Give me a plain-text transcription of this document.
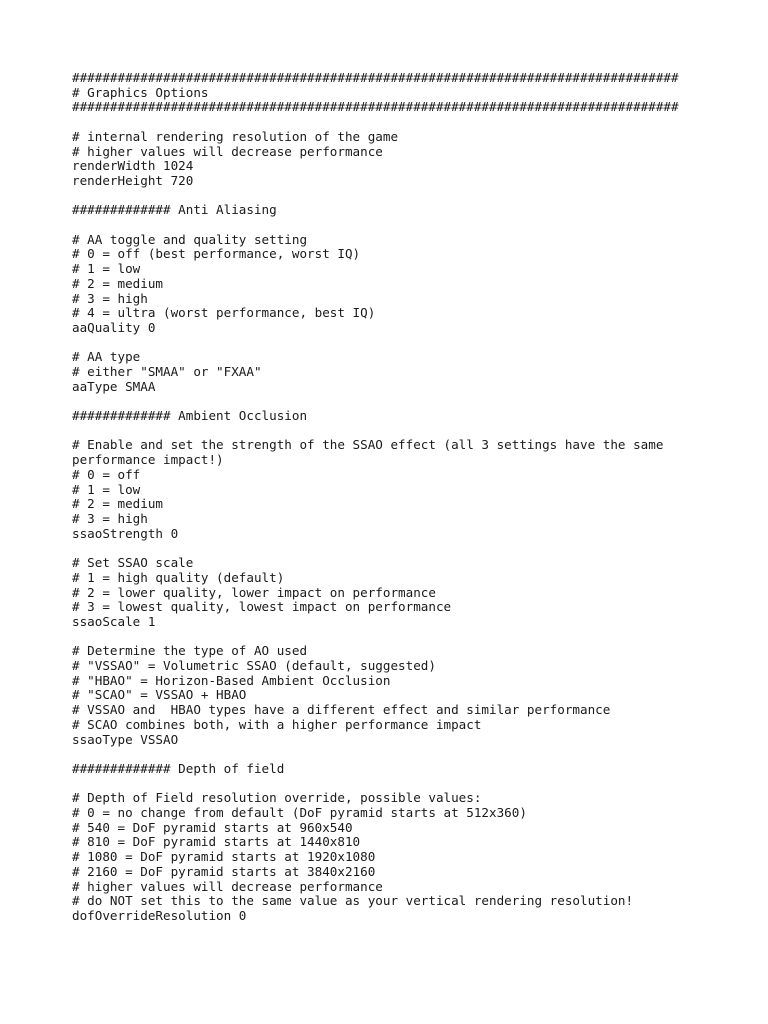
################################################################################
# Graphics Options
################################################################################
# internal rendering resolution of the game
# higher values will decrease performance
renderWidth 1024
renderHeight 720
############# Anti Aliasing
# AA toggle and quality setting
# 0 = off (best performance, worst IQ)
# 1 = low
# 2 = medium
# 3 = high
# 4 = ultra (worst performance, best IQ)
aaQuality 0
# AA type
# either "SMAA" or "FXAA"
aaType SMAA
############# Ambient Occlusion
# Enable and set the strength of the SSAO effect (all 3 settings have the same
performance impact!)
# 0 = off
# 1 = low
# 2 = medium
# 3 = high
ssaoStrength 0
# Set SSAO scale
# 1 = high quality (default)
# 2 = lower quality, lower impact on performance
# 3 = lowest quality, lowest impact on performance
ssaoScale 1
# Determine the type of AO used
# "VSSAO" = Volumetric SSAO (default, suggested)
# "HBAO" = Horizon-Based Ambient Occlusion
# "SCAO" = VSSAO + HBAO
# VSSAO and  HBAO types have a different effect and similar performance
# SCAO combines both, with a higher performance impact
ssaoType VSSAO
############# Depth of field
# Depth of Field resolution override, possible values:
# 0 = no change from default (DoF pyramid starts at 512x360)
# 540 = DoF pyramid starts at 960x540
# 810 = DoF pyramid starts at 1440x810
# 1080 = DoF pyramid starts at 1920x1080
# 2160 = DoF pyramid starts at 3840x2160
# higher values will decrease performance
# do NOT set this to the same value as your vertical rendering resolution!
dofOverrideResolution 0
